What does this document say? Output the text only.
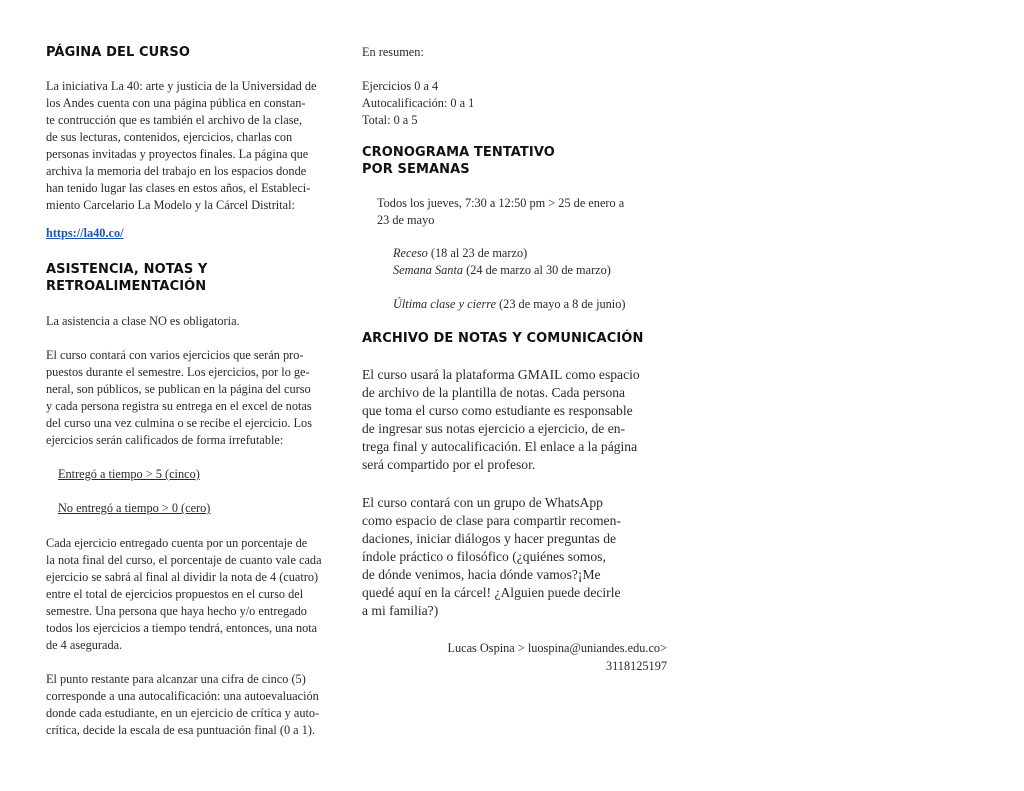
PÁGINA DEL CURSO
La iniciativa La 40: arte y justicia de la Universidad de
los Andes cuenta con una página pública en constan-
te contrucción que es también el archivo de la clase,
de sus lecturas, contenidos, ejercicios, charlas con
personas invitadas y proyectos finales. La página que
archiva la memoria del trabajo en los espacios donde
han tenido lugar las clases en estos años, el Estableci-
miento Carcelario La Modelo y la Cárcel Distrital:
https://la40.co/
ASISTENCIA, NOTAS Y
RETROALIMENTACIÓN
La asistencia a clase NO es obligatoria.
El curso contará con varios ejercicios que serán pro-
puestos durante el semestre. Los ejercicios, por lo ge-
neral, son públicos, se publican en la página del curso
y cada persona registra su entrega en el excel de notas
del curso una vez culmina o se recibe el ejercicio. Los
ejercicios serán calificados de forma irrefutable:
Entregó a tiempo > 5 (cinco)
No entregó a tiempo > 0 (cero)
Cada ejercicio entregado cuenta por un porcentaje de
la nota final del curso, el porcentaje de cuanto vale cada
ejercicio se sabrá al final al dividir la nota de 4 (cuatro)
entre el total de ejercicios propuestos en el curso del
semestre. Una persona que haya hecho y/o entregado
todos los ejercicios a tiempo tendrá, entonces, una nota
de 4 asegurada.
El punto restante para alcanzar una cifra de cinco (5)
corresponde a una autocalificación: una autoevaluación
donde cada estudiante, en un ejercicio de crítica y auto-
crítica, decide la escala de esa puntuación final (0 a 1).
En resumen:
Ejercicios 0 a 4
Autocalificación: 0 a 1
Total: 0 a 5
CRONOGRAMA TENTATIVO
POR SEMANAS
Todos los jueves, 7:30 a 12:50 pm > 25 de enero a
23 de mayo
Receso (18 al 23 de marzo)
Semana Santa (24 de marzo al 30 de marzo)
Última clase y cierre (23 de mayo a 8 de junio)
ARCHIVO DE NOTAS Y COMUNICACIÓN
El curso usará la plataforma GMAIL como espacio
de archivo de la plantilla de notas. Cada persona
que toma el curso como estudiante es responsable
de ingresar sus notas ejercicio a ejercicio, de en-
trega final y autocalificación. El enlace a la página
será compartido por el profesor.
El curso contará con un grupo de WhatsApp
como espacio de clase para compartir recomen-
daciones, iniciar diálogos y hacer preguntas de
índole práctico o filosófico (¿quiénes somos,
de dónde venimos, hacia dónde vamos?¡Me
quedé aquí en la cárcel! ¿Alguien puede decirle
a mi familia?)
Lucas Ospina > luospina@uniandes.edu.co>
3118125197
